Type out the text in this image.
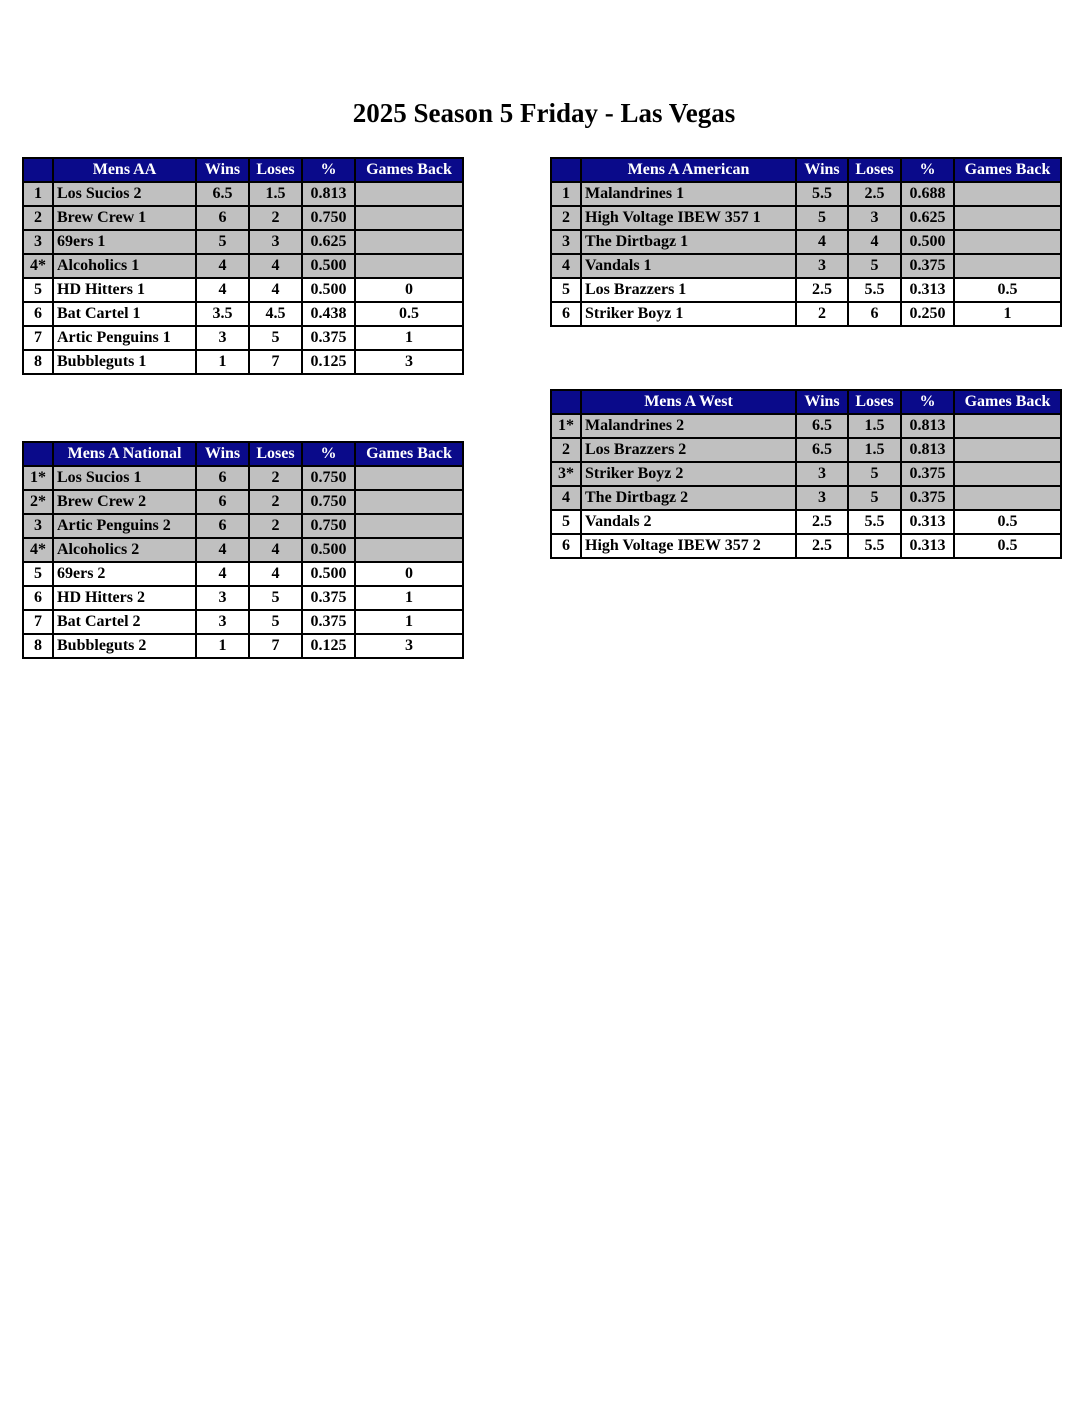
2025 Season 5 Friday - Las Vegas
	Mens AA	Wins	Loses	%	Games Back
1	Los Sucios 2	6.5	1.5	0.813	
2	Brew Crew 1	6	2	0.750	
3	69ers 1	5	3	0.625	
4*	Alcoholics 1	4	4	0.500	
5	HD Hitters 1	4	4	0.500	0
6	Bat Cartel 1	3.5	4.5	0.438	0.5
7	Artic Penguins 1	3	5	0.375	1
8	Bubbleguts 1	1	7	0.125	3
	Mens A National	Wins	Loses	%	Games Back
1*	Los Sucios 1	6	2	0.750	
2*	Brew Crew 2	6	2	0.750	
3	Artic Penguins 2	6	2	0.750	
4*	Alcoholics 2	4	4	0.500	
5	69ers 2	4	4	0.500	0
6	HD Hitters 2	3	5	0.375	1
7	Bat Cartel 2	3	5	0.375	1
8	Bubbleguts 2	1	7	0.125	3
	Mens A American	Wins	Loses	%	Games Back
1	Malandrines 1	5.5	2.5	0.688	
2	High Voltage IBEW 357 1	5	3	0.625	
3	The Dirtbagz 1	4	4	0.500	
4	Vandals 1	3	5	0.375	
5	Los Brazzers 1	2.5	5.5	0.313	0.5
6	Striker Boyz 1	2	6	0.250	1
	Mens A West	Wins	Loses	%	Games Back
1*	Malandrines 2	6.5	1.5	0.813	
2	Los Brazzers 2	6.5	1.5	0.813	
3*	Striker Boyz 2	3	5	0.375	
4	The Dirtbagz 2	3	5	0.375	
5	Vandals 2	2.5	5.5	0.313	0.5
6	High Voltage IBEW 357 2	2.5	5.5	0.313	0.5
